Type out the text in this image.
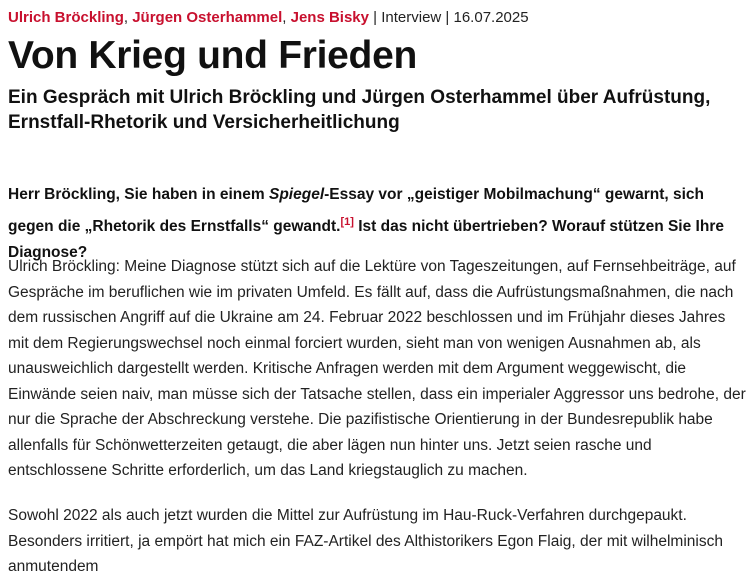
Ulrich Bröckling, Jürgen Osterhammel, Jens Bisky | Interview | 16.07.2025
Von Krieg und Frieden

Ein Gespräch mit Ulrich Bröckling und Jürgen Osterhammel über Aufrüstung, Ernstfall-Rhetorik und Versicherheitlichung

Herr Bröckling, Sie haben in einem Spiegel-Essay vor „geistiger Mobilmachung“ gewarnt, sich gegen die „Rhetorik des Ernstfalls“ gewandt.[1] Ist das nicht übertrieben? Worauf stützen Sie Ihre Diagnose?

Ulrich Bröckling: Meine Diagnose stützt sich auf die Lektüre von Tageszeitungen, auf Fernsehbeiträge, auf Gespräche im beruflichen wie im privaten Umfeld. Es fällt auf, dass die Aufrüstungsmaßnahmen, die nach dem russischen Angriff auf die Ukraine am 24. Februar 2022 beschlossen und im Frühjahr dieses Jahres mit dem Regierungswechsel noch einmal forciert wurden, sieht man von wenigen Ausnahmen ab, als unausweichlich dargestellt werden. Kritische Anfragen werden mit dem Argument weggewischt, die Einwände seien naiv, man müsse sich der Tatsache stellen, dass ein imperialer Aggressor uns bedrohe, der nur die Sprache der Abschreckung verstehe. Die pazifistische Orientierung in der Bundesrepublik habe allenfalls für Schönwetterzeiten getaugt, die aber lägen nun hinter uns. Jetzt seien rasche und entschlossene Schritte erforderlich, um das Land kriegstauglich zu machen.

Sowohl 2022 als auch jetzt wurden die Mittel zur Aufrüstung im Hau-Ruck-Verfahren durchgepaukt. Besonders irritiert, ja empört hat mich ein FAZ-Artikel des Althistorikers Egon Flaig, der mit wilhelminisch anmutendem
